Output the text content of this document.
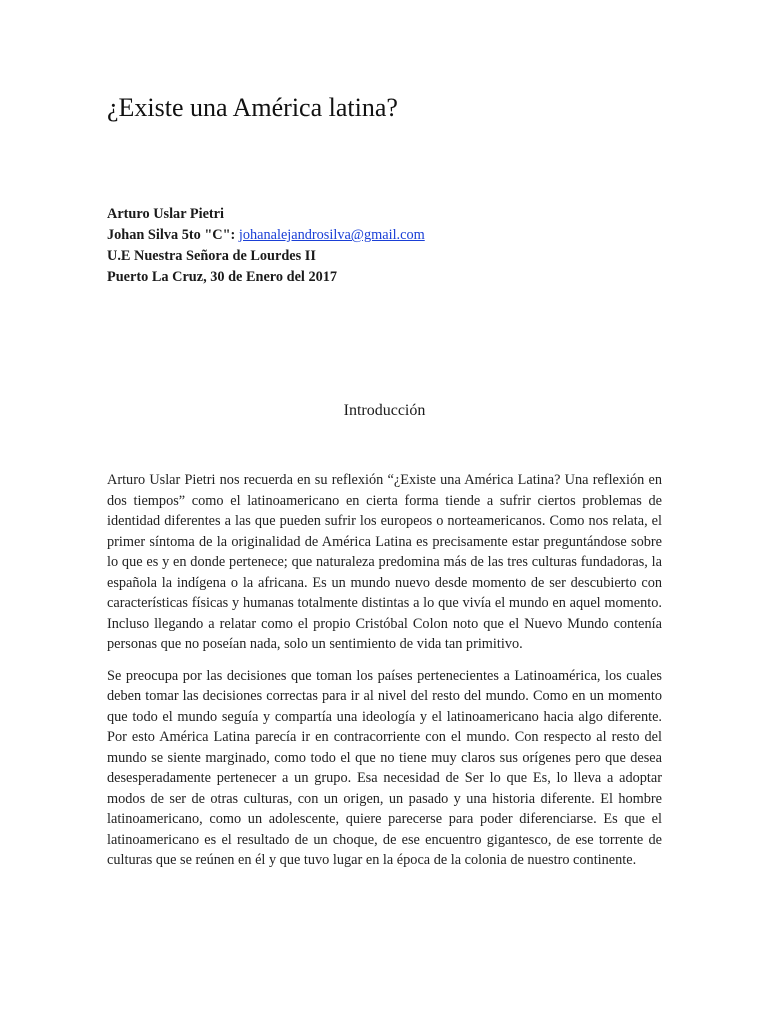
¿Existe una América latina?
Arturo Uslar Pietri
Johan Silva 5to "C": johanalejandrosilva@gmail.com
U.E Nuestra Señora de Lourdes II
Puerto La Cruz, 30 de Enero del 2017
Introducción

Arturo Uslar Pietri nos recuerda en su reflexión “¿Existe una América Latina? Una reflexión en dos tiempos” como el latinoamericano en cierta forma tiende a sufrir ciertos problemas de identidad diferentes a las que pueden sufrir los europeos o norteamericanos. Como nos relata, el primer síntoma de la originalidad de América Latina es precisamente estar preguntándose sobre lo que es y en donde pertenece; que naturaleza predomina más de las tres culturas fundadoras, la española la indígena o la africana. Es un mundo nuevo desde momento de ser descubierto con características físicas y humanas totalmente distintas a lo que vivía el mundo en aquel momento. Incluso llegando a relatar como el propio Cristóbal Colon noto que el Nuevo Mundo contenía personas que no poseían nada, solo un sentimiento de vida tan primitivo.

Se preocupa por las decisiones que toman los países pertenecientes a Latinoamérica, los cuales deben tomar las decisiones correctas para ir al nivel del resto del mundo. Como en un momento que todo el mundo seguía y compartía una ideología y el latinoamericano hacia algo diferente. Por esto América Latina parecía ir en contracorriente con el mundo. Con respecto al resto del mundo se siente marginado, como todo el que no tiene muy claros sus orígenes pero que desea desesperadamente pertenecer a un grupo. Esa necesidad de Ser lo que Es, lo lleva a adoptar modos de ser de otras culturas, con un origen, un pasado y una historia diferente. El hombre latinoamericano, como un adolescente, quiere parecerse para poder diferenciarse. Es que el latinoamericano es el resultado de un choque, de ese encuentro gigantesco, de ese torrente de culturas que se reúnen en él y que tuvo lugar en la época de la colonia de nuestro continente.
